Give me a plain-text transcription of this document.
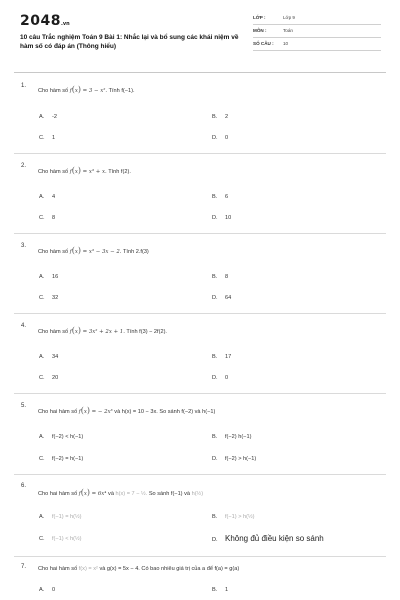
2048.vn
10 câu Trắc nghiệm Toán 9 Bài 1: Nhắc lại và bổ sung các khái niệm về hàm số có đáp án (Thông hiểu)
LỚP :	Lớp 9
MÔN :	Toán
SỐ CÂU :	10
1.
Cho hàm số f(x) = 3 − x². Tính f(−1).
A. -2	B. 2
C. 1	D. 0
2.
Cho hàm số f(x) = x³ + x. Tính f(2).
A. 4	B. 6
C. 8	D. 10
3.
Cho hàm số f(x) = x³ − 3x − 2. Tính 2.f(3)
A. 16	B. 8
C. 32	D. 64
4.
Cho hàm số f(x) = 3x² + 2x + 1. Tính f(3) − 2f(2).
A. 34	B. 17
C. 20	D. 0
5.
Cho hai hàm số f(x) = − 2x³ và h(x) = 10 − 3x. So sánh f(−2) và h(−1)
A. f(−2) < h(−1)	B. f(−2) h(−1)
C. f(−2) = h(−1)	D. f(−2) > h(−1)
6.
Cho hai hàm số f(x) = 6x⁴ và h(x) = 7 − ½. So sánh f(−1) và h(½)
A. f(−1) = h(½)	B. f(−1) > h(½)
C. f(−1) < h(½)	D. Không đủ điều kiện so sánh
7. Cho hai hàm số f(x) = x² và g(x) = 5x − 4. Có bao nhiêu giá trị của a để f(a) = g(a)
A. 0	B. 1
